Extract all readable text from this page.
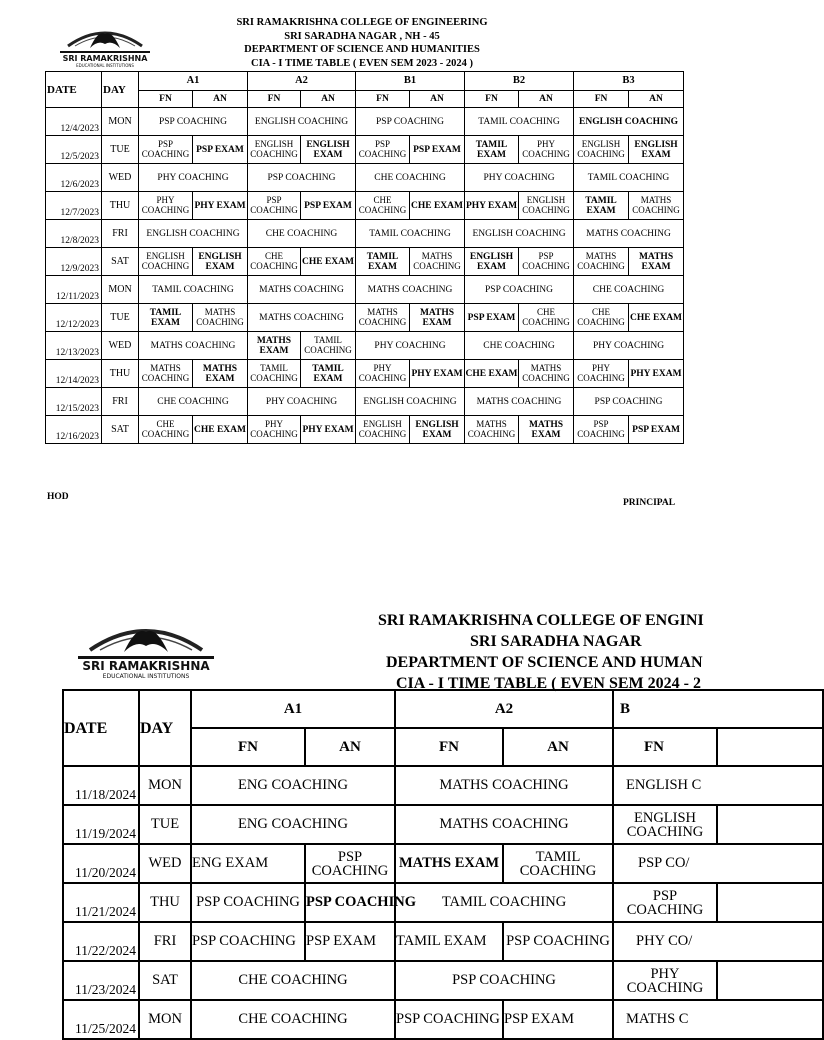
SRI RAMAKRISHNA
EDUCATIONAL INSTITUTIONS
SRI RAMAKRISHNA COLLEGE OF ENGINEERING
SRI SARADHA NAGAR , NH - 45
DEPARTMENT OF SCIENCE AND HUMANITIES
CIA - I TIME TABLE ( EVEN SEM 2023 - 2024 )
DATE	DAY	A1		A2		B1		B2		B3	
		FN	AN	FN	AN	FN	AN	FN	AN	FN	AN
12/4/2023	MON	PSP COACHING		ENGLISH COACHING		PSP COACHING		TAMIL COACHING		ENGLISH COACHING	
12/5/2023	TUE	PSP COACHING	PSP EXAM	ENGLISH COACHING	ENGLISH EXAM	PSP COACHING	PSP EXAM	TAMIL EXAM	PHY COACHING	ENGLISH COACHING	ENGLISH EXAM
12/6/2023	WED	PHY COACHING		PSP COACHING		CHE COACHING		PHY COACHING		TAMIL COACHING	
12/7/2023	THU	PHY COACHING	PHY EXAM	PSP COACHING	PSP EXAM	CHE COACHING	CHE EXAM	PHY EXAM	ENGLISH COACHING	TAMIL EXAM	MATHS COACHING
12/8/2023	FRI	ENGLISH COACHING		CHE COACHING		TAMIL COACHING		ENGLISH COACHING		MATHS COACHING	
12/9/2023	SAT	ENGLISH COACHING	ENGLISH EXAM	CHE COACHING	CHE EXAM	TAMIL EXAM	MATHS COACHING	ENGLISH EXAM	PSP COACHING	MATHS COACHING	MATHS EXAM
12/11/2023	MON	TAMIL COACHING		MATHS COACHING		MATHS COACHING		PSP COACHING		CHE COACHING	
12/12/2023	TUE	TAMIL EXAM	MATHS COACHING	MATHS COACHING		MATHS COACHING	MATHS EXAM	PSP EXAM	CHE COACHING	CHE COACHING	CHE EXAM
12/13/2023	WED	MATHS COACHING		MATHS EXAM	TAMIL COACHING	PHY COACHING		CHE COACHING		PHY COACHING	
12/14/2023	THU	MATHS COACHING	MATHS EXAM	TAMIL COACHING	TAMIL EXAM	PHY COACHING	PHY EXAM	CHE EXAM	MATHS COACHING	PHY COACHING	PHY EXAM
12/15/2023	FRI	CHE COACHING		PHY COACHING		ENGLISH COACHING		MATHS COACHING		PSP COACHING	
12/16/2023	SAT	CHE COACHING	CHE EXAM	PHY COACHING	PHY EXAM	ENGLISH COACHING	ENGLISH EXAM	MATHS COACHING	MATHS EXAM	PSP COACHING	PSP EXAM
HOD
PRINCIPAL
SRI RAMAKRISHNA
EDUCATIONAL INSTITUTIONS
SRI RAMAKRISHNA COLLEGE OF ENGINI
SRI SARADHA NAGAR
DEPARTMENT OF SCIENCE AND HUMAN
CIA - I TIME TABLE ( EVEN SEM 2024 - 2
DATE	DAY	A1		A2		B	
		FN	AN	FN	AN	FN	
11/18/2024	MON	ENG COACHING		MATHS COACHING		ENGLISH C	
11/19/2024	TUE	ENG COACHING		MATHS COACHING		ENGLISH COACHING	
11/20/2024	WED	ENG EXAM	PSP COACHING	MATHS EXAM	TAMIL COACHING	PSP CO/	
11/21/2024	THU	PSP COACHING	PSP COACHING	TAMIL COACHING		PSP COACHING	
11/22/2024	FRI	PSP COACHING	PSP EXAM	TAMIL EXAM	PSP COACHING	PHY CO/	
11/23/2024	SAT	CHE COACHING		PSP COACHING		PHY COACHING	
11/25/2024	MON	CHE COACHING		PSP COACHING	PSP EXAM	MATHS C	
